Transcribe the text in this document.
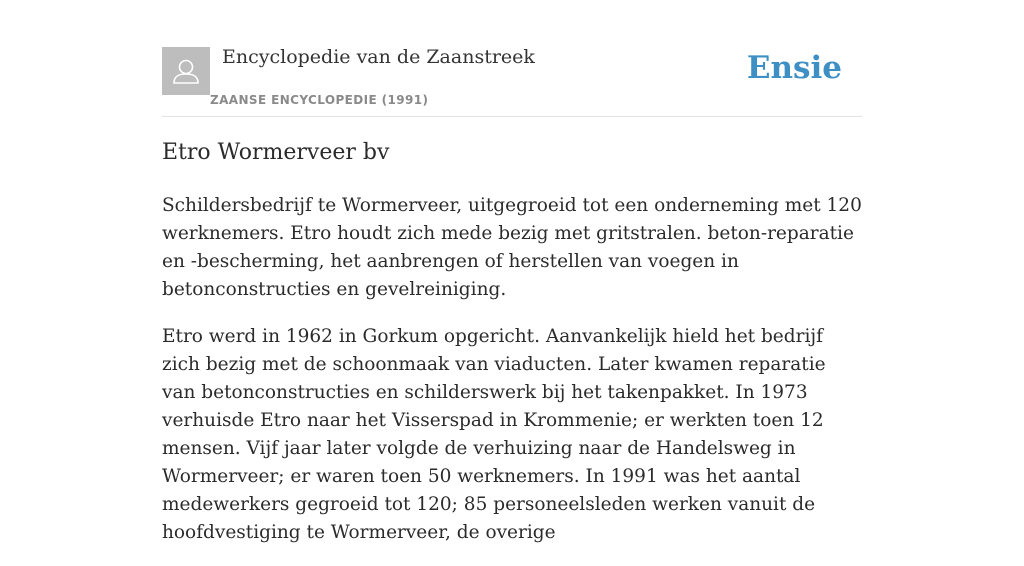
Encyclopedie van de Zaanstreek
ZAANSE ENCYCLOPEDIE (1991)
Ensie
Etro Wormerveer bv

Schildersbedrijf te Wormerveer, uitgegroeid tot een onderneming met 120 werknemers. Etro houdt zich mede bezig met gritstralen. beton-reparatie en -bescherming, het aanbrengen of herstellen van voegen in betonconstructies en gevelreiniging.

Etro werd in 1962 in Gorkum opgericht. Aanvankelijk hield het bedrijf zich bezig met de schoonmaak van viaducten. Later kwamen reparatie van betonconstructies en schilderswerk bij het takenpakket. In 1973 verhuisde Etro naar het Visserspad in Krommenie; er werkten toen 12 mensen. Vijf jaar later volgde de verhuizing naar de Handelsweg in Wormerveer; er waren toen 50 werknemers. In 1991 was het aantal medewerkers gegroeid tot 120; 85 personeelsleden werken vanuit de hoofdvestiging te Wormerveer, de overige
